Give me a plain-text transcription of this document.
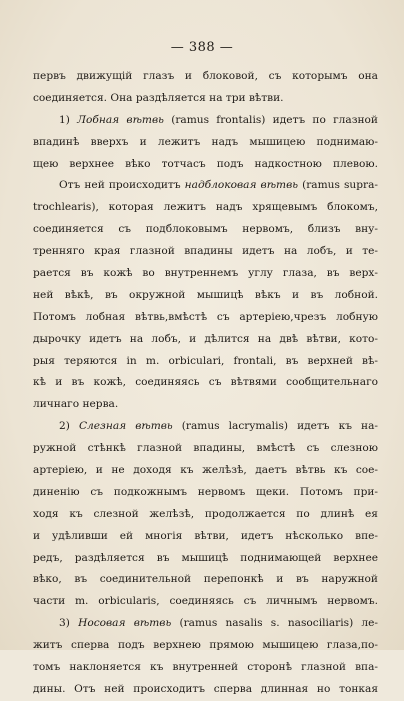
— 388 —
первъ движущій глазъ и блоковой, съ которымъ она
соединяется. Она раздѣляется на три вѣтви.
1) Лобная вѣтвь (ramus frontalis) идетъ по глазной
впадинѣ вверхъ и лежитъ надъ мышицею поднимаю-
щею верхнее вѣко тотчасъ подъ надкостною плевою.
Отъ ней происходитъ надблоковая вѣтвь (ramus supra-
trochlearis), которая лежитъ надъ хрящевымъ блокомъ,
соединяется съ подблоковымъ нервомъ, близъ вну-
тренняго края глазной впадины идетъ на лобъ, и те-
рается въ кожѣ во внутреннемъ углу глаза, въ верх-
ней вѣкѣ, въ окружной мышицѣ вѣкъ и въ лобной.
Потомъ лобная вѣтвь,вмѣстѣ съ артеріею,чрезъ лобную
дырочку идетъ на лобъ, и дѣлится на двѣ вѣтви, кото-
рыя теряются in m. orbiculari, frontali, въ верхней вѣ-
кѣ и въ кожѣ, соединяясь съ вѣтвями сообщительнаго
личнаго нерва.
2) Слезная вѣтвь (ramus lacrymalis) идетъ къ на-
ружной стѣнкѣ глазной впадины, вмѣстѣ съ слезною
артеріею, и не доходя къ желѣзѣ, даетъ вѣтвь къ сое-
диненію съ подкожнымъ нервомъ щеки. Потомъ при-
ходя къ слезной желѣзѣ, продолжается по длинѣ ея
и удѣливши ей многія вѣтви, идетъ нѣсколько впе-
редъ, раздѣляется въ мышицѣ поднимающей верхнее
вѣко, въ соединительной перепонкѣ и въ наружной
части m. orbicularis, соединяясь съ личнымъ нервомъ.
3) Носовая вѣтвь (ramus nasalis s. nasociliaris) ле-
житъ сперва подъ верхнею прямою мышицею глаза,по-
томъ наклоняется къ внутренней сторонѣ глазной впа-
дины. Отъ ней происходитъ сперва длинная но тонкая
